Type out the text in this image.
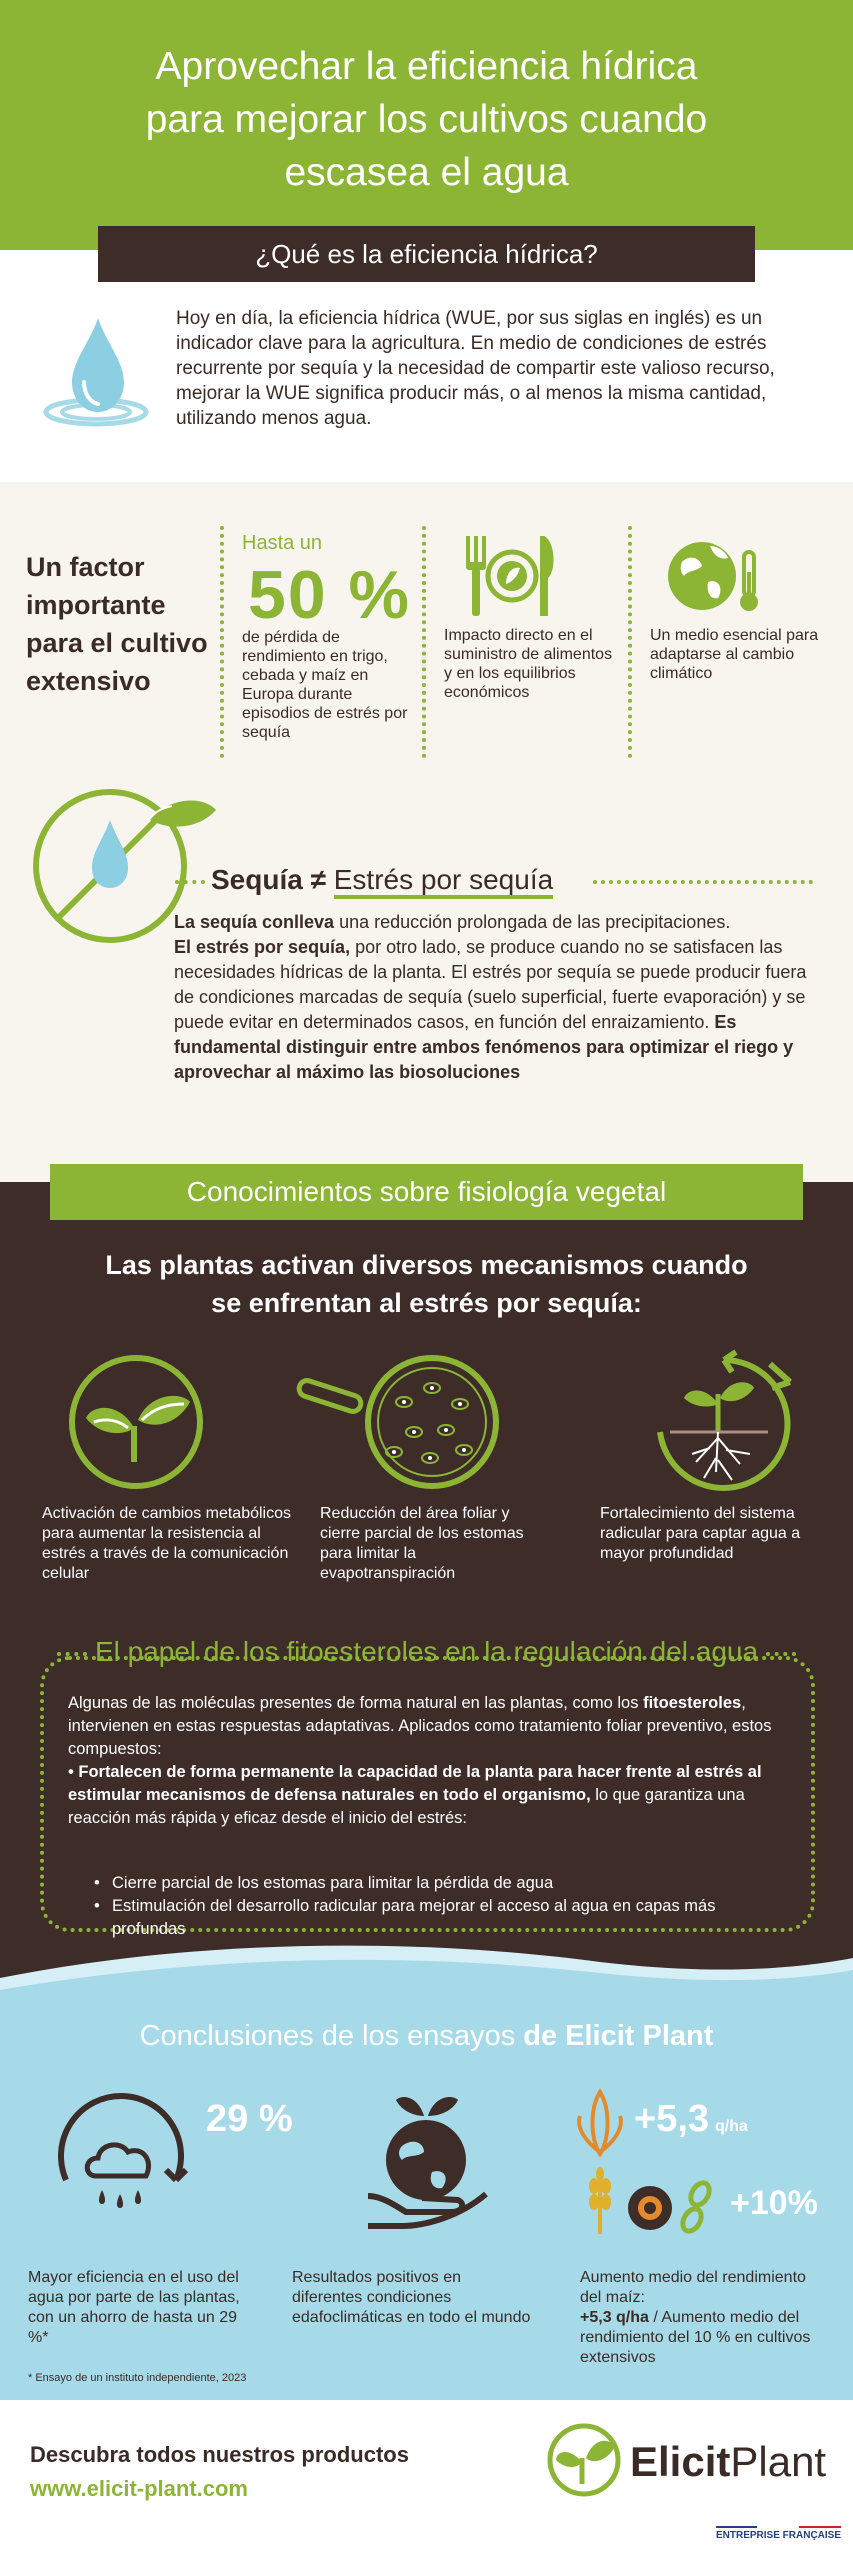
Aprovechar la eficiencia hídrica
para mejorar los cultivos cuando
escasea el agua
¿Qué es la eficiencia hídrica?

Hoy en día, la eficiencia hídrica (WUE, por sus siglas en inglés) es un indicador clave para la agricultura. En medio de condiciones de estrés recurrente por sequía y la necesidad de compartir este valioso recurso, mejorar la WUE significa producir más, o al menos la misma cantidad, utilizando menos agua.

Un factor importante para el cultivo extensivo
Hasta un
50 %
de pérdida de rendimiento en trigo, cebada y maíz en Europa durante episodios de estrés por sequía
Impacto directo en el suministro de alimentos y en los equilibrios económicos
Un medio esencial para adaptarse al cambio climático
Sequía ≠ Estrés por sequía
La sequía conlleva una reducción prolongada de las precipitaciones.
El estrés por sequía, por otro lado, se produce cuando no se satisfacen las necesidades hídricas de la planta. El estrés por sequía se puede producir fuera de condiciones marcadas de sequía (suelo superficial, fuerte evaporación) y se puede evitar en determinados casos, en función del enraizamiento. Es fundamental distinguir entre ambos fenómenos para optimizar el riego y aprovechar al máximo las biosoluciones
Conocimientos sobre fisiología vegetal
Las plantas activan diversos mecanismos cuando
se enfrentan al estrés por sequía:
Activación de cambios metabólicos para aumentar la resistencia al estrés a través de la comunicación celular
Reducción del área foliar y cierre parcial de los estomas para limitar la evapotranspiración
Fortalecimiento del sistema radicular para captar agua a mayor profundidad
El papel de los fitoesteroles en la regulación del agua
Algunas de las moléculas presentes de forma natural en las plantas, como los fitoesteroles, intervienen en estas respuestas adaptativas. Aplicados como tratamiento foliar preventivo, estos compuestos:
• Fortalecen de forma permanente la capacidad de la planta para hacer frente al estrés al estimular mecanismos de defensa naturales en todo el organismo, lo que garantiza una reacción más rápida y eficaz desde el inicio del estrés:
• Cierre parcial de los estomas para limitar la pérdida de agua
• Estimulación del desarrollo radicular para mejorar el acceso al agua en capas más profundas
Conclusiones de los ensayos de Elicit Plant
29 %
Mayor eficiencia en el uso del agua por parte de las plantas, con un ahorro de hasta un 29 %*
Resultados positivos en diferentes condiciones edafoclimáticas en todo el mundo
+5,3 q/ha
+10%
Aumento medio del rendimiento del maíz:
+5,3 q/ha / Aumento medio del rendimiento del 10 % en cultivos extensivos
* Ensayo de un instituto independiente, 2023
Descubra todos nuestros productos
www.elicit-plant.com
ElicitPlant
ENTREPRISE FRANÇAISE
